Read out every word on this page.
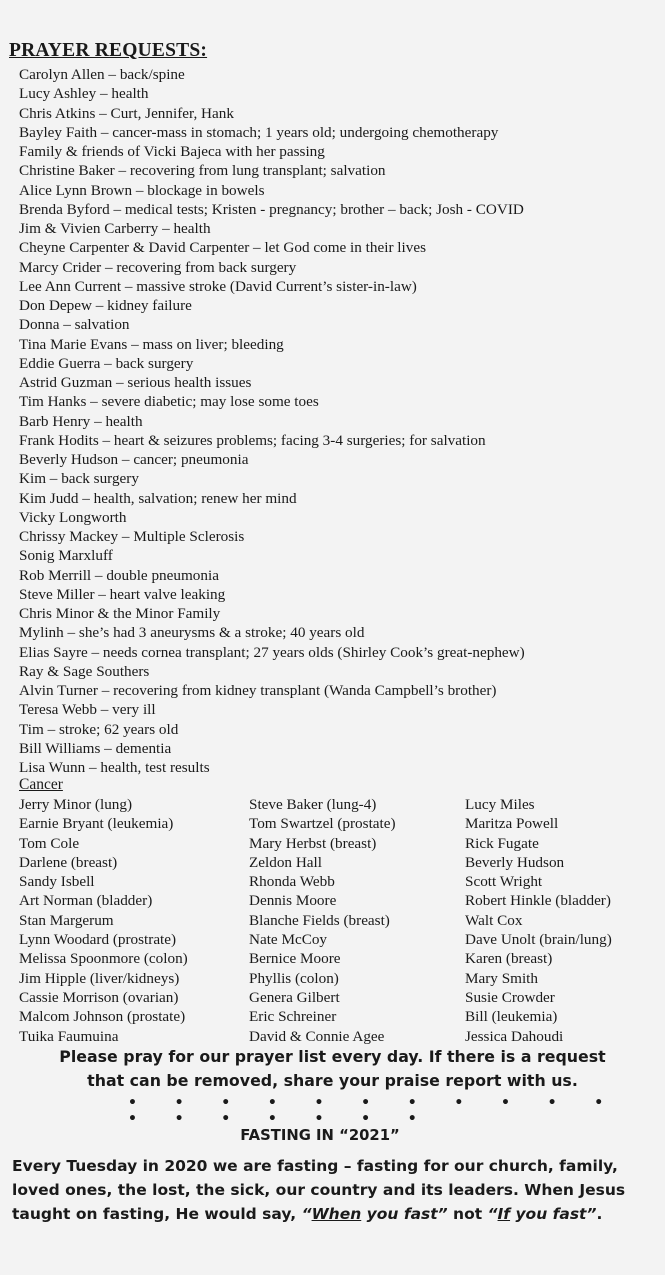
PRAYER REQUESTS:
Carolyn Allen – back/spine
Lucy Ashley – health
Chris Atkins – Curt, Jennifer, Hank
Bayley Faith – cancer-mass in stomach; 1 years old; undergoing chemotherapy
Family & friends of Vicki Bajeca with her passing
Christine Baker – recovering from lung transplant; salvation
Alice Lynn Brown – blockage in bowels
Brenda Byford – medical tests; Kristen - pregnancy; brother – back; Josh - COVID
Jim & Vivien Carberry – health
Cheyne Carpenter & David Carpenter – let God come in their lives
Marcy Crider – recovering from back surgery
Lee Ann Current – massive stroke (David Current’s sister-in-law)
Don Depew – kidney failure
Donna – salvation
Tina Marie Evans – mass on liver; bleeding
Eddie Guerra – back surgery
Astrid Guzman – serious health issues
Tim Hanks – severe diabetic; may lose some toes
Barb Henry – health
Frank Hodits – heart & seizures problems; facing 3-4 surgeries; for salvation
Beverly Hudson – cancer; pneumonia
Kim – back surgery
Kim Judd – health, salvation; renew her mind
Vicky Longworth
Chrissy Mackey – Multiple Sclerosis
Sonig Marxluff
Rob Merrill – double pneumonia
Steve Miller – heart valve leaking
Chris Minor & the Minor Family
Mylinh – she’s had 3 aneurysms & a stroke; 40 years old
Elias Sayre – needs cornea transplant; 27 years olds (Shirley Cook’s great-nephew)
Ray & Sage Southers
Alvin Turner – recovering from kidney transplant (Wanda Campbell’s brother)
Teresa Webb – very ill
Tim – stroke; 62 years old
Bill Williams – dementia
Lisa Wunn – health, test results
Cancer
Jerry Minor (lung)
Earnie Bryant (leukemia)
Tom Cole
Darlene (breast)
Sandy Isbell
Art Norman (bladder)
Stan Margerum
Lynn Woodard (prostrate)
Melissa Spoonmore (colon)
Jim Hipple (liver/kidneys)
Cassie Morrison (ovarian)
Malcom Johnson (prostate)
Tuika Faumuina
Steve Baker (lung-4)
Tom Swartzel (prostate)
Mary Herbst (breast)
Zeldon Hall
Rhonda Webb
Dennis Moore
Blanche Fields (breast)
Nate McCoy
Bernice Moore
Phyllis (colon)
Genera Gilbert
Eric Schreiner
David & Connie Agee
Lucy Miles
Maritza Powell
Rick Fugate
Beverly Hudson
Scott Wright
Robert Hinkle (bladder)
Walt Cox
Dave Unolt (brain/lung)
Karen (breast)
Mary Smith
Susie Crowder
Bill (leukemia)
Jessica Dahoudi
Please pray for our prayer list every day. If there is a request
that can be removed, share your praise report with us.
• • • • • • • • • • • • • • • • • •
FASTING IN “2021”
Every Tuesday in 2020 we are fasting – fasting for our church, family, loved ones, the lost, the sick, our country and its leaders. When Jesus taught on fasting, He would say, “When you fast” not “If you fast”.
